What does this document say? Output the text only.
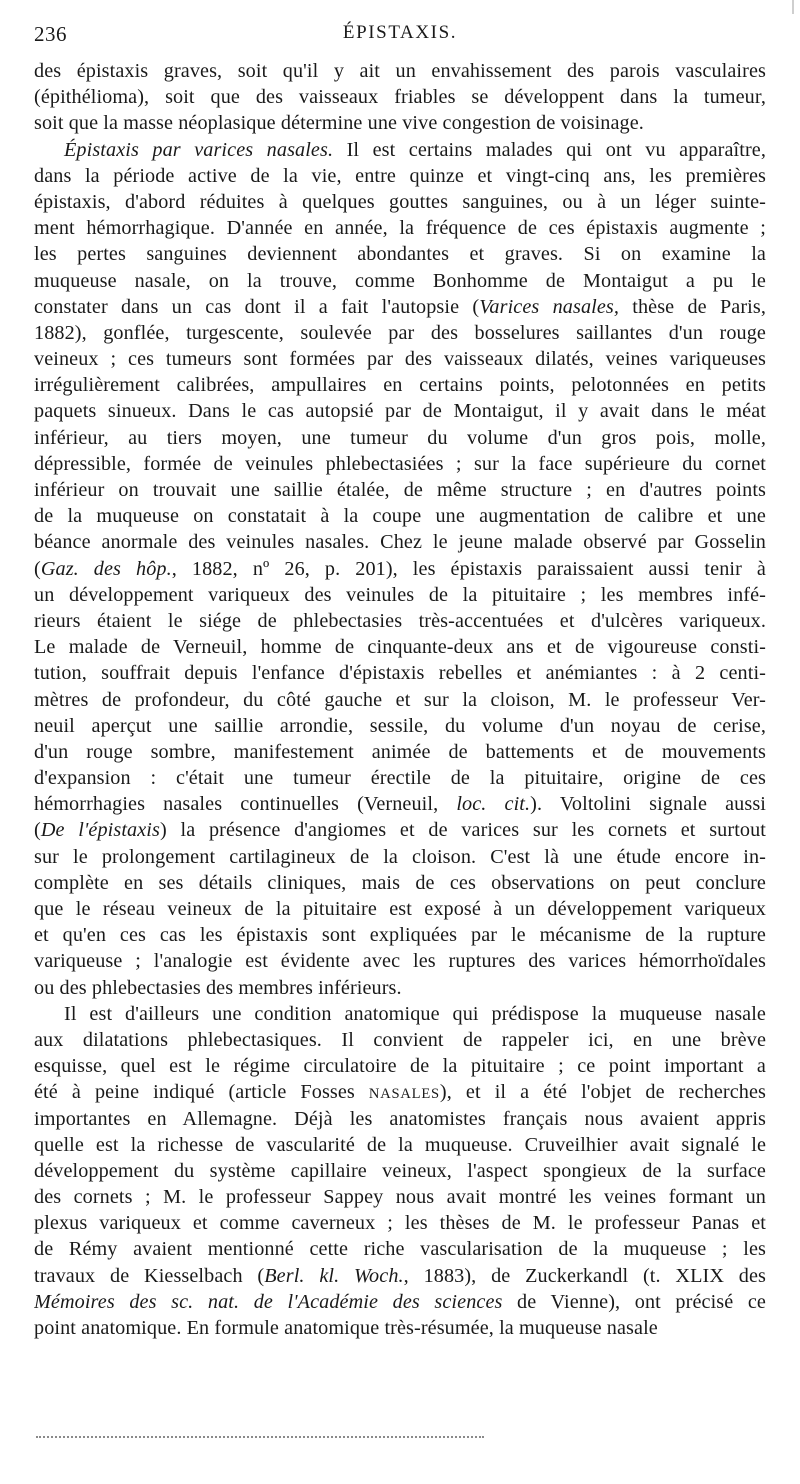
236	ÉPISTAXIS.
des épistaxis graves, soit qu'il y ait un envahissement des parois vasculaires
(épithélioma), soit que des vaisseaux friables se développent dans la tumeur,
soit que la masse néoplasique détermine une vive congestion de voisinage.
Épistaxis par varices nasales. Il est certains malades qui ont vu apparaître,
dans la période active de la vie, entre quinze et vingt-cinq ans, les premières
épistaxis, d'abord réduites à quelques gouttes sanguines, ou à un léger suinte-
ment hémorrhagique. D'année en année, la fréquence de ces épistaxis augmente ;
les pertes sanguines deviennent abondantes et graves. Si on examine la
muqueuse nasale, on la trouve, comme Bonhomme de Montaigut a pu le
constater dans un cas dont il a fait l'autopsie (Varices nasales, thèse de Paris,
1882), gonflée, turgescente, soulevée par des bosselures saillantes d'un rouge
veineux ; ces tumeurs sont formées par des vaisseaux dilatés, veines variqueuses
irrégulièrement calibrées, ampullaires en certains points, pelotonnées en petits
paquets sinueux. Dans le cas autopsié par de Montaigut, il y avait dans le méat
inférieur, au tiers moyen, une tumeur du volume d'un gros pois, molle,
dépressible, formée de veinules phlebectasiées ; sur la face supérieure du cornet
inférieur on trouvait une saillie étalée, de même structure ; en d'autres points
de la muqueuse on constatait à la coupe une augmentation de calibre et une
béance anormale des veinules nasales. Chez le jeune malade observé par Gosselin
(Gaz. des hôp., 1882, nº 26, p. 201), les épistaxis paraissaient aussi tenir à
un développement variqueux des veinules de la pituitaire ; les membres infé-
rieurs étaient le siége de phlebectasies très-accentuées et d'ulcères variqueux.
Le malade de Verneuil, homme de cinquante-deux ans et de vigoureuse consti-
tution, souffrait depuis l'enfance d'épistaxis rebelles et anémiantes : à 2 centi-
mètres de profondeur, du côté gauche et sur la cloison, M. le professeur Ver-
neuil aperçut une saillie arrondie, sessile, du volume d'un noyau de cerise,
d'un rouge sombre, manifestement animée de battements et de mouvements
d'expansion : c'était une tumeur érectile de la pituitaire, origine de ces
hémorrhagies nasales continuelles (Verneuil, loc. cit.). Voltolini signale aussi
(De l'épistaxis) la présence d'angiomes et de varices sur les cornets et surtout
sur le prolongement cartilagineux de la cloison. C'est là une étude encore in-
complète en ses détails cliniques, mais de ces observations on peut conclure
que le réseau veineux de la pituitaire est exposé à un développement variqueux
et qu'en ces cas les épistaxis sont expliquées par le mécanisme de la rupture
variqueuse ; l'analogie est évidente avec les ruptures des varices hémorrhoïdales
ou des phlebectasies des membres inférieurs.
Il est d'ailleurs une condition anatomique qui prédispose la muqueuse nasale
aux dilatations phlebectasiques. Il convient de rappeler ici, en une brève
esquisse, quel est le régime circulatoire de la pituitaire ; ce point important a
été à peine indiqué (article Fosses NASALES), et il a été l'objet de recherches
importantes en Allemagne. Déjà les anatomistes français nous avaient appris
quelle est la richesse de vascularité de la muqueuse. Cruveilhier avait signalé le
développement du système capillaire veineux, l'aspect spongieux de la surface
des cornets ; M. le professeur Sappey nous avait montré les veines formant un
plexus variqueux et comme caverneux ; les thèses de M. le professeur Panas et
de Rémy avaient mentionné cette riche vascularisation de la muqueuse ; les
travaux de Kiesselbach (Berl. kl. Woch., 1883), de Zuckerkandl (t. XLIX des
Mémoires des sc. nat. de l'Académie des sciences de Vienne), ont précisé ce
point anatomique. En formule anatomique très-résumée, la muqueuse nasale
